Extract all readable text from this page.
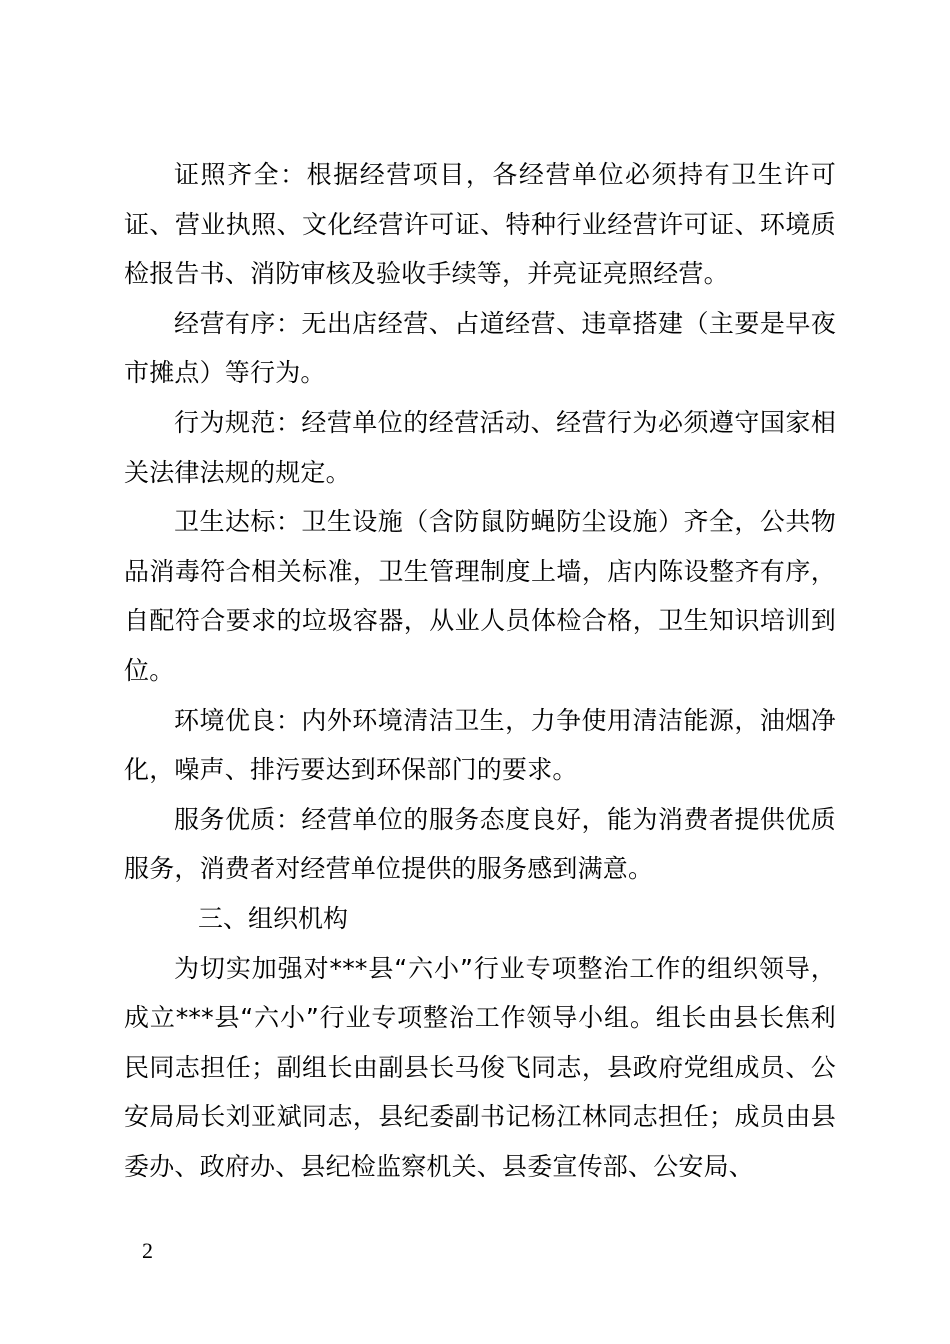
证照齐全：根据经营项目，各经营单位必须持有卫生许可证、营业执照、文化经营许可证、特种行业经营许可证、环境质检报告书、消防审核及验收手续等，并亮证亮照经营。

经营有序：无出店经营、占道经营、违章搭建（主要是早夜市摊点）等行为。

行为规范：经营单位的经营活动、经营行为必须遵守国家相关法律法规的规定。

卫生达标：卫生设施（含防鼠防蝇防尘设施）齐全，公共物品消毒符合相关标准，卫生管理制度上墙，店内陈设整齐有序，自配符合要求的垃圾容器，从业人员体检合格，卫生知识培训到位。

环境优良：内外环境清洁卫生，力争使用清洁能源，油烟净化，噪声、排污要达到环保部门的要求。

服务优质：经营单位的服务态度良好，能为消费者提供优质服务，消费者对经营单位提供的服务感到满意。

三、组织机构

为切实加强对***县“六小”行业专项整治工作的组织领导，成立***县“六小”行业专项整治工作领导小组。组长由县长焦利民同志担任；副组长由副县长马俊飞同志，县政府党组成员、公安局局长刘亚斌同志，县纪委副书记杨江林同志担任；成员由县委办、政府办、县纪检监察机关、县委宣传部、公安局、

2
